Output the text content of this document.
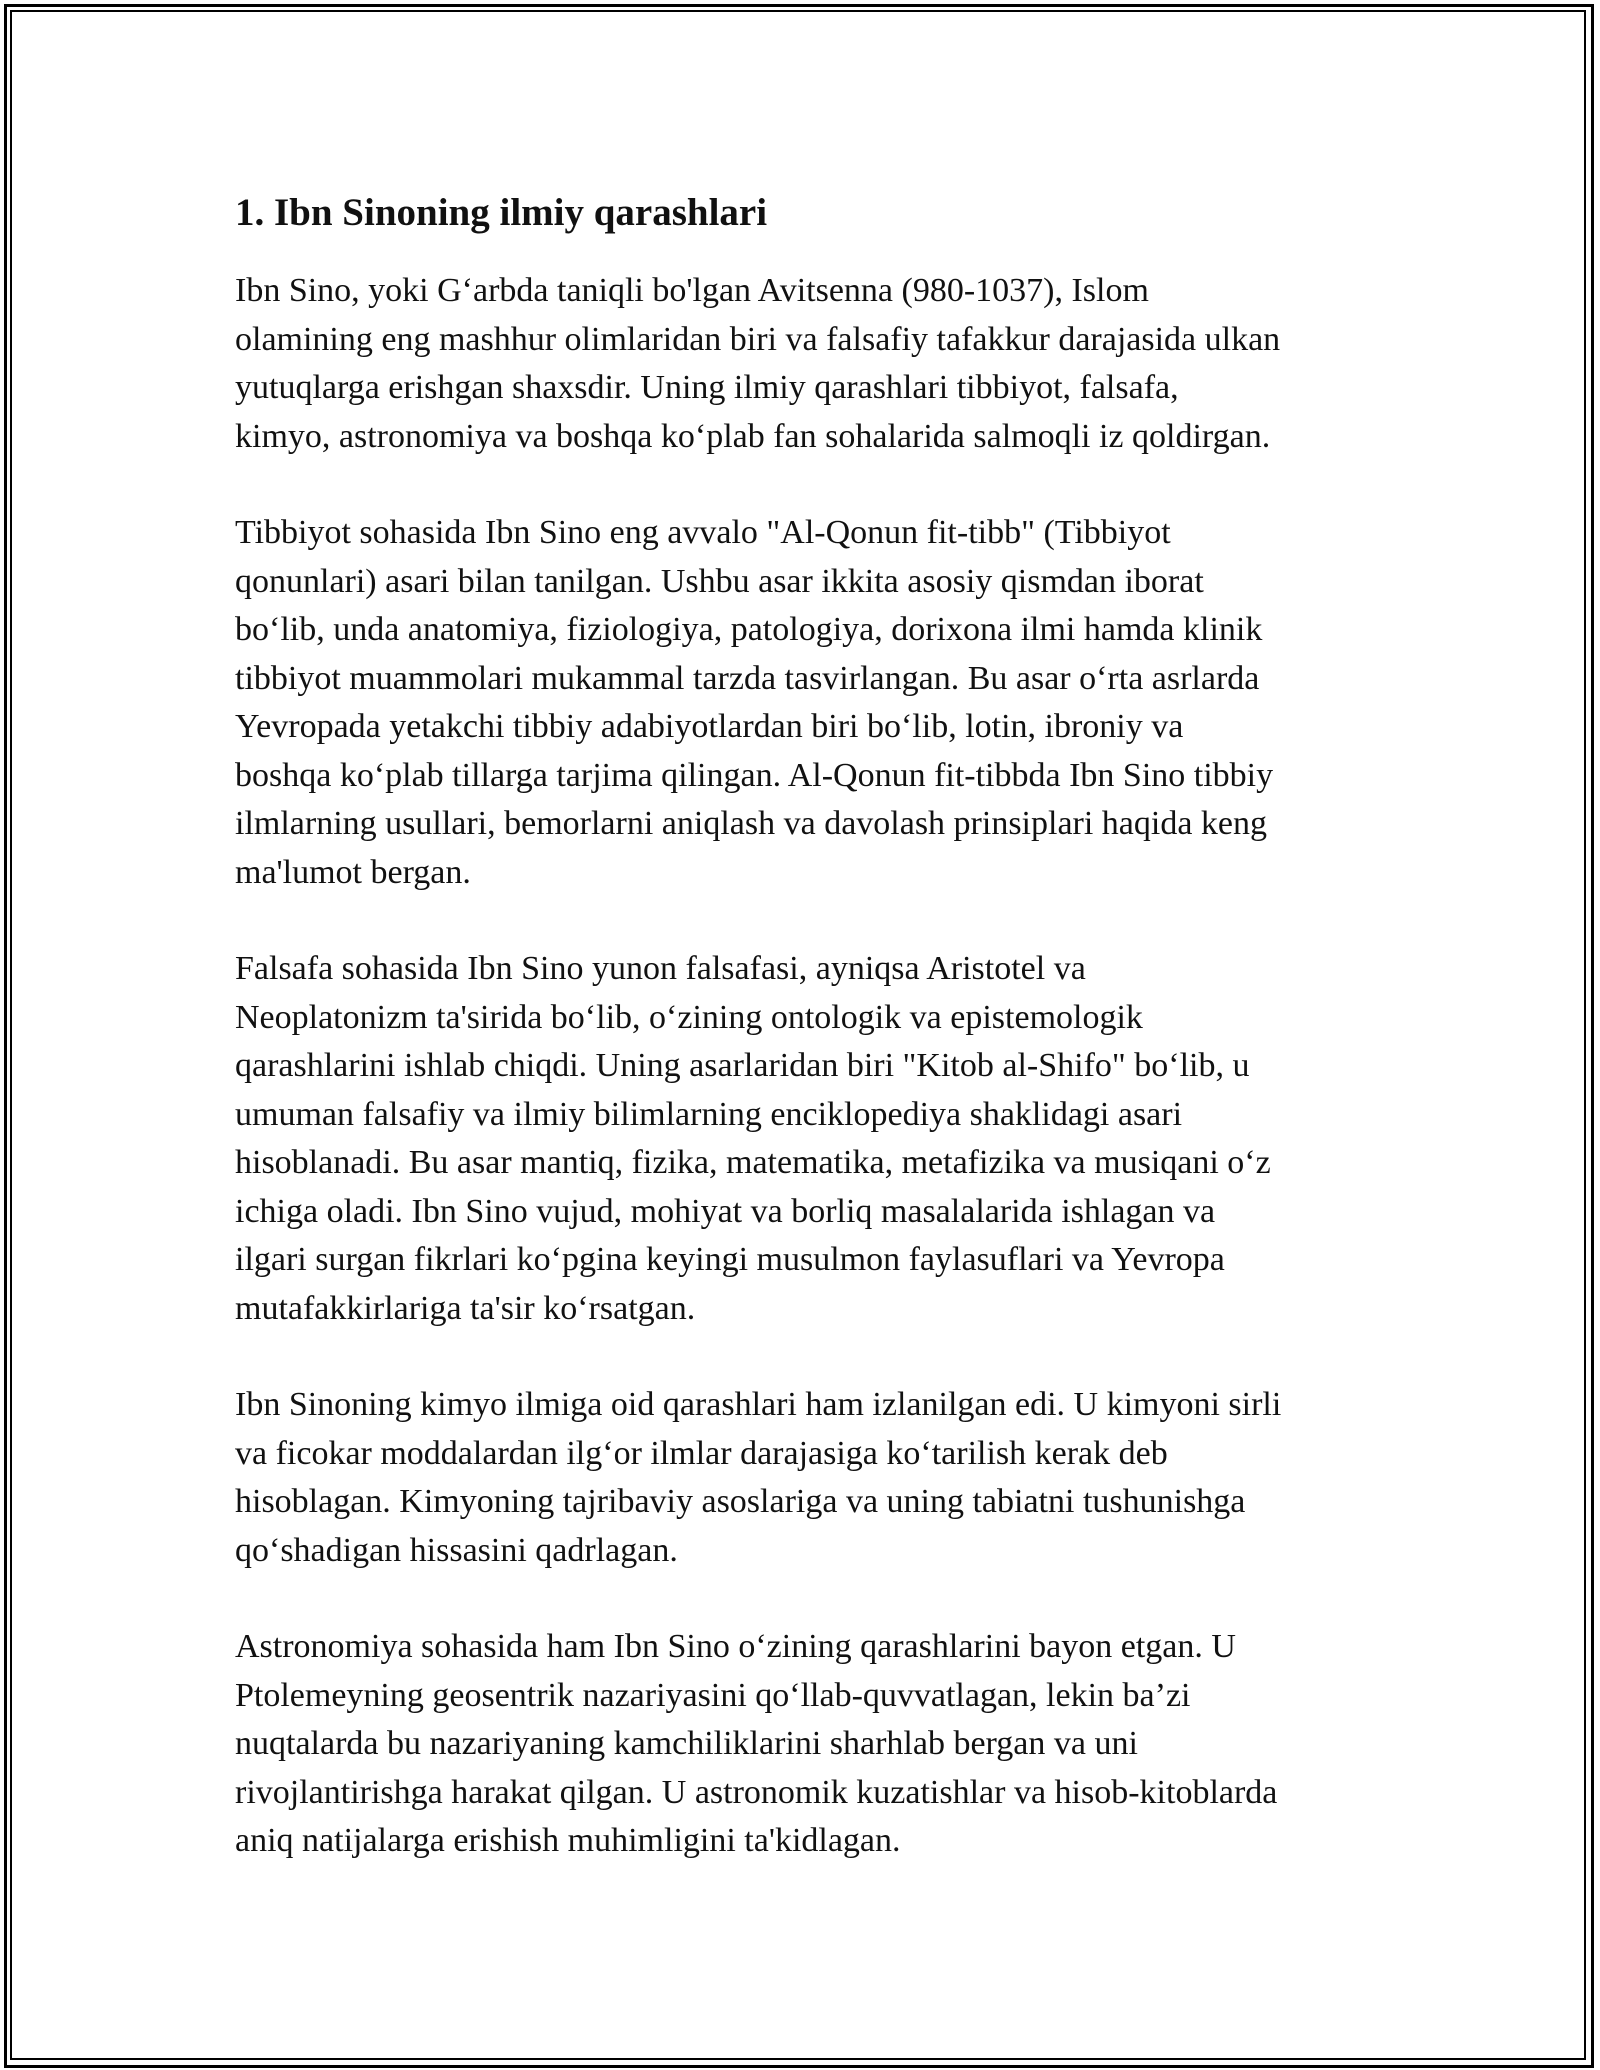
1. Ibn Sinoning ilmiy qarashlari

Ibn Sino, yoki G‘arbda taniqli bo'lgan Avitsenna (980-1037), Islom
olamining eng mashhur olimlaridan biri va falsafiy tafakkur darajasida ulkan
yutuqlarga erishgan shaxsdir. Uning ilmiy qarashlari tibbiyot, falsafa,
kimyo, astronomiya va boshqa ko‘plab fan sohalarida salmoqli iz qoldirgan.

Tibbiyot sohasida Ibn Sino eng avvalo "Al-Qonun fit-tibb" (Tibbiyot
qonunlari) asari bilan tanilgan. Ushbu asar ikkita asosiy qismdan iborat
bo‘lib, unda anatomiya, fiziologiya, patologiya, dorixona ilmi hamda klinik
tibbiyot muammolari mukammal tarzda tasvirlangan. Bu asar o‘rta asrlarda
Yevropada yetakchi tibbiy adabiyotlardan biri bo‘lib, lotin, ibroniy va
boshqa ko‘plab tillarga tarjima qilingan. Al-Qonun fit-tibbda Ibn Sino tibbiy
ilmlarning usullari, bemorlarni aniqlash va davolash prinsiplari haqida keng
ma'lumot bergan.

Falsafa sohasida Ibn Sino yunon falsafasi, ayniqsa Aristotel va
Neoplatonizm ta'sirida bo‘lib, o‘zining ontologik va epistemologik
qarashlarini ishlab chiqdi. Uning asarlaridan biri "Kitob al-Shifo" bo‘lib, u
umuman falsafiy va ilmiy bilimlarning enciklopediya shaklidagi asari
hisoblanadi. Bu asar mantiq, fizika, matematika, metafizika va musiqani o‘z
ichiga oladi. Ibn Sino vujud, mohiyat va borliq masalalarida ishlagan va
ilgari surgan fikrlari ko‘pgina keyingi musulmon faylasuflari va Yevropa
mutafakkirlariga ta'sir ko‘rsatgan.

Ibn Sinoning kimyo ilmiga oid qarashlari ham izlanilgan edi. U kimyoni sirli
va ficokar moddalardan ilg‘or ilmlar darajasiga ko‘tarilish kerak deb
hisoblagan. Kimyoning tajribaviy asoslariga va uning tabiatni tushunishga
qo‘shadigan hissasini qadrlagan.

Astronomiya sohasida ham Ibn Sino o‘zining qarashlarini bayon etgan. U
Ptolemeyning geosentrik nazariyasini qo‘llab-quvvatlagan, lekin ba’zi
nuqtalarda bu nazariyaning kamchiliklarini sharhlab bergan va uni
rivojlantirishga harakat qilgan. U astronomik kuzatishlar va hisob-kitoblarda
aniq natijalarga erishish muhimligini ta'kidlagan.
